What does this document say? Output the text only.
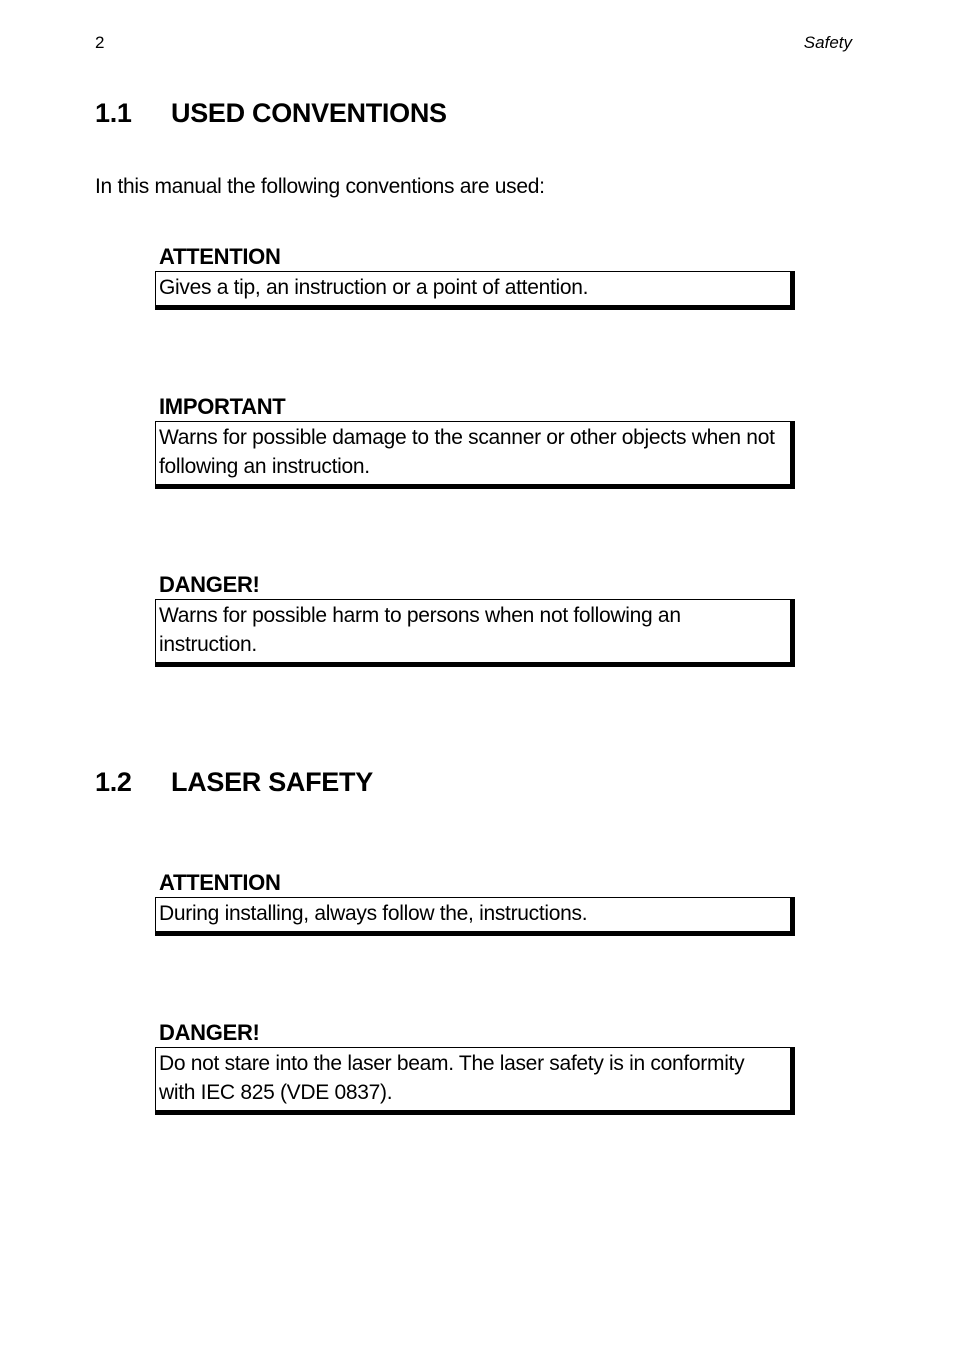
2	Safety
1.1 USED CONVENTIONS
In this manual the following conventions are used:
ATTENTION
Gives a tip, an instruction or a point of attention.
IMPORTANT
Warns for possible damage to the scanner or other objects when not following an instruction.
DANGER!
Warns for possible harm to persons when not following an instruction.
1.2 LASER SAFETY
ATTENTION
During installing, always follow the, instructions.
DANGER!
Do not stare into the laser beam. The laser safety is in conformity with IEC 825 (VDE 0837).
